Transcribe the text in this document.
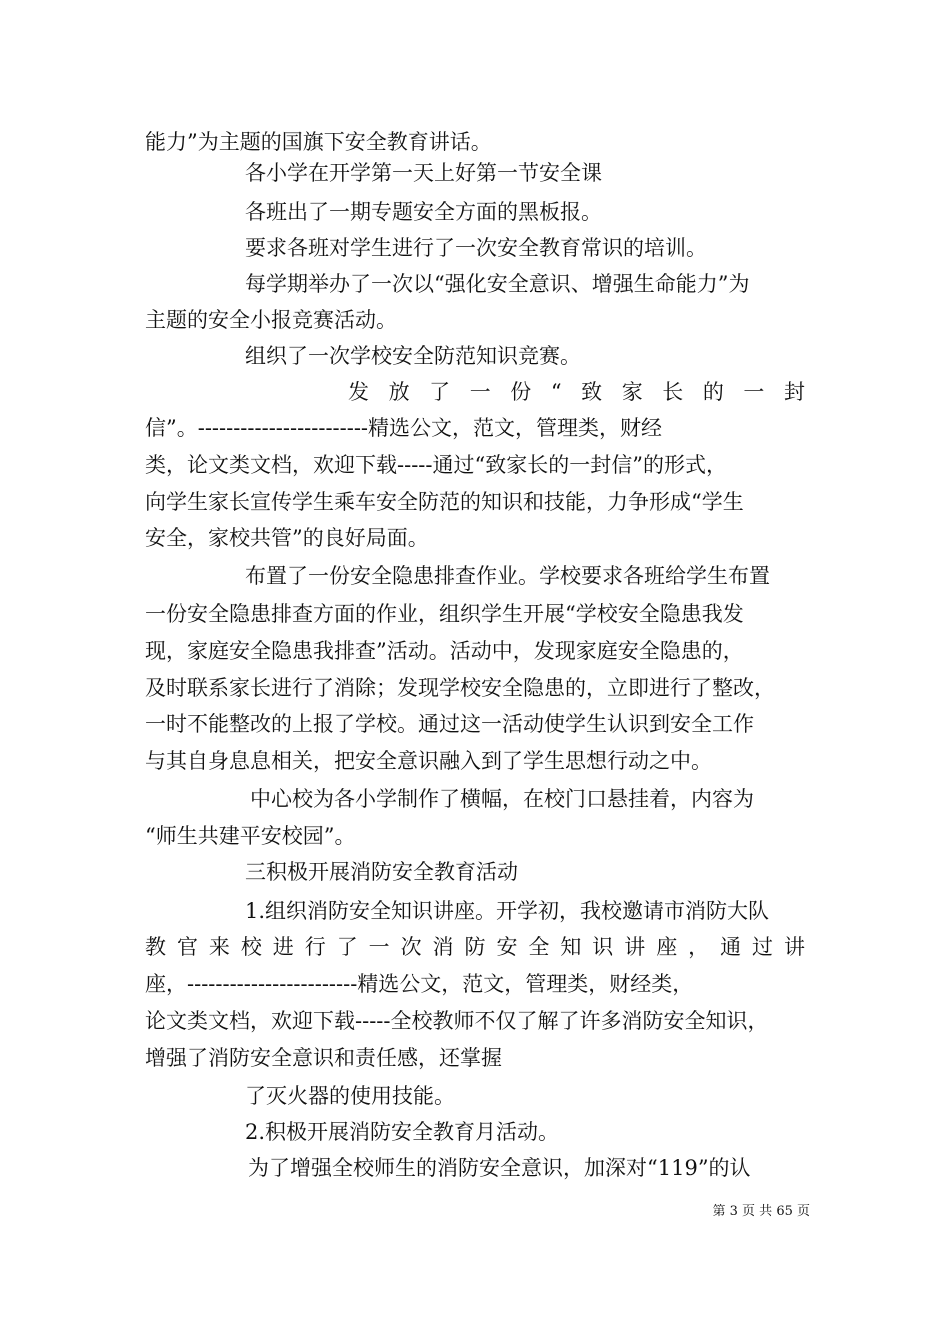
能力”为主题的国旗下安全教育讲话。
各小学在开学第一天上好第一节安全课
各班出了一期专题安全方面的黑板报。
要求各班对学生进行了一次安全教育常识的培训。
每学期举办了一次以“强化安全意识、增强生命能力”为
主题的安全小报竞赛活动。
组织了一次学校安全防范知识竞赛。
发放了一份“致家长的一封
信”。------------------------精选公文，范文，管理类，财经
类，论文类文档，欢迎下载-----通过“致家长的一封信”的形式，
向学生家长宣传学生乘车安全防范的知识和技能，力争形成“学生
安全，家校共管”的良好局面。
布置了一份安全隐患排查作业。学校要求各班给学生布置
一份安全隐患排查方面的作业，组织学生开展“学校安全隐患我发
现，家庭安全隐患我排查”活动。活动中，发现家庭安全隐患的，
及时联系家长进行了消除；发现学校安全隐患的，立即进行了整改，
一时不能整改的上报了学校。通过这一活动使学生认识到安全工作
与其自身息息相关，把安全意识融入到了学生思想行动之中。
中心校为各小学制作了横幅，在校门口悬挂着，内容为
“师生共建平安校园”。
三积极开展消防安全教育活动
1.组织消防安全知识讲座。开学初，我校邀请市消防大队
教官来校进行了一次消防安全知识讲座，通过讲
座，------------------------精选公文，范文，管理类，财经类，
论文类文档，欢迎下载-----全校教师不仅了解了许多消防安全知识，
增强了消防安全意识和责任感，还掌握
了灭火器的使用技能。
2.积极开展消防安全教育月活动。
为了增强全校师生的消防安全意识，加深对“119”的认
第 3 页 共 65 页
